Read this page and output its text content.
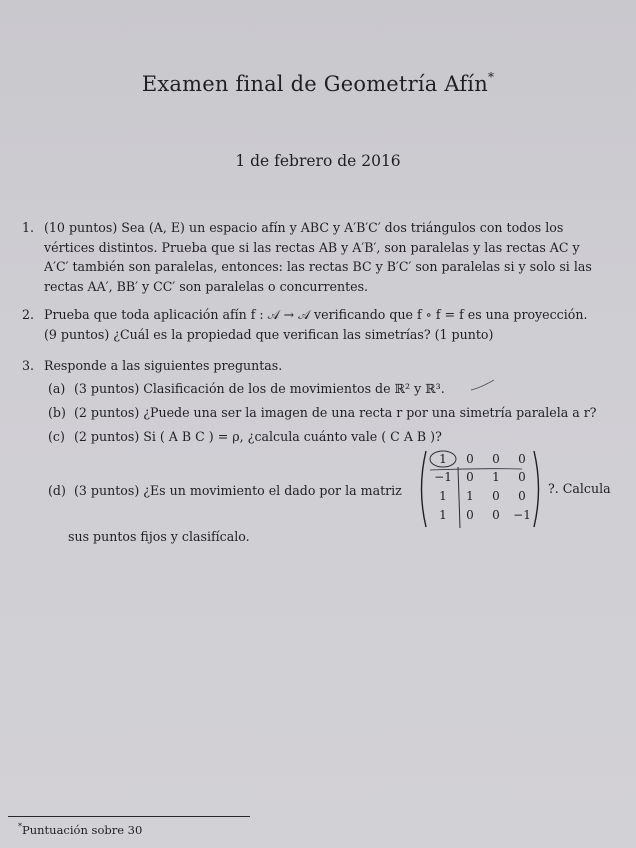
Examen final de Geometría Afín*
1 de febrero de 2016
1. (10 puntos) Sea (A, E) un espacio afín y ABC y A′B′C′ dos triángulos con todos los
vértices distintos. Prueba que si las rectas AB y A′B′, son paralelas y las rectas AC y
A′C′ también son paralelas, entonces: las rectas BC y B′C′ son paralelas si y solo si las
rectas AA′, BB′ y CC′ son paralelas o concurrentes.
2. Prueba que toda aplicación afín f : 𝒜 → 𝒜 verificando que f ∘ f = f es una proyección.
(9 puntos) ¿Cuál es la propiedad que verifican las simetrías? (1 punto)
3. Responde a las siguientes preguntas.
(a) (3 puntos) Clasificación de los de movimientos de ℝ² y ℝ³.
(b) (2 puntos) ¿Puede una ser la imagen de una recta r por una simetría paralela a r?
(c) (2 puntos) Si ( A B C ) = ρ, ¿calcula cuánto vale ( C A B )?
(d) (3 puntos) ¿Es un movimiento el dado por la matriz
1	0	0	0
−1	0	1	0
1	1	0	0
1	0	0	−1
?. Calcula
sus puntos fijos y clasifícalo.
*Puntuación sobre 30
